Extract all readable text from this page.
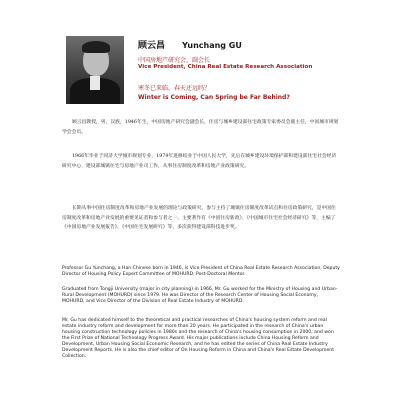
顾云昌 Yunchang GU
中国房地产研究会，副会长
Vice President, China Real Estate Research Association
寒冬已来临，春天还远吗？
Winter is Coming, Can Spring be Far Behind?

顾云昌教授，男，汉族，1946年生，中国房地产研究会副会长，住房与城乡建设部住宅政策专家委员会副主任，中国城市规划学会会员。

1966年毕业于同济大学城市规划专业，1979年进修结业于中国人民大学，先后在城乡建设环境保护部和建设部住宅社会经济研究中心、建设部城镇住宅与房地产业司工作，从事住房制度改革和房地产业政策研究。

长期从事中国住房制度改革和房地产业发展的理论与政策研究，参与主持了城镇住房制度改革试点和住房政策研究，是中国住房制度改革和房地产业发展的重要见证者和参与者之一。主要著作有《中国住房新政》、《中国城市住宅社会经济研究》等，主编了《中国房地产业发展报告》、《中国住宅发展研究》等，多次获得建设部科技进步奖。

Professor Gu Yunchang, a Han Chinese born in 1946, is Vice President of China Real Estate Research Association, Deputy Director of Housing Policy Expert Committee of MOHURD, Post-Doctoral Mentor.

Graduated from Tongji University (major in city planning) in 1966, Mr. Gu worked for the Ministry of Housing and Urban-Rural Development (MOHURD) since 1979. He was Director of the Research Center of Housing Social Economy, MOHURD, and Vice Director of the Division of Real Estate Industry of MOHURD.

Mr. Gu has dedicated himself to the theoretical and practical researches of China's housing system reform and real estate industry reform and development for more than 20 years. He participated in the research of China's urban housing construction technology policies in 1980s and the research of China's housing consumption in 2000, and won the First Prize of National Technology Progress Award. His major publications include China Housing Reform and Development, Urban Housing Social Economic Research, and he has edited the series of China Real Estate Industry Development Reports. He is also the chief editor of On Housing Reform in China and China's Real Estate Development Collection.
